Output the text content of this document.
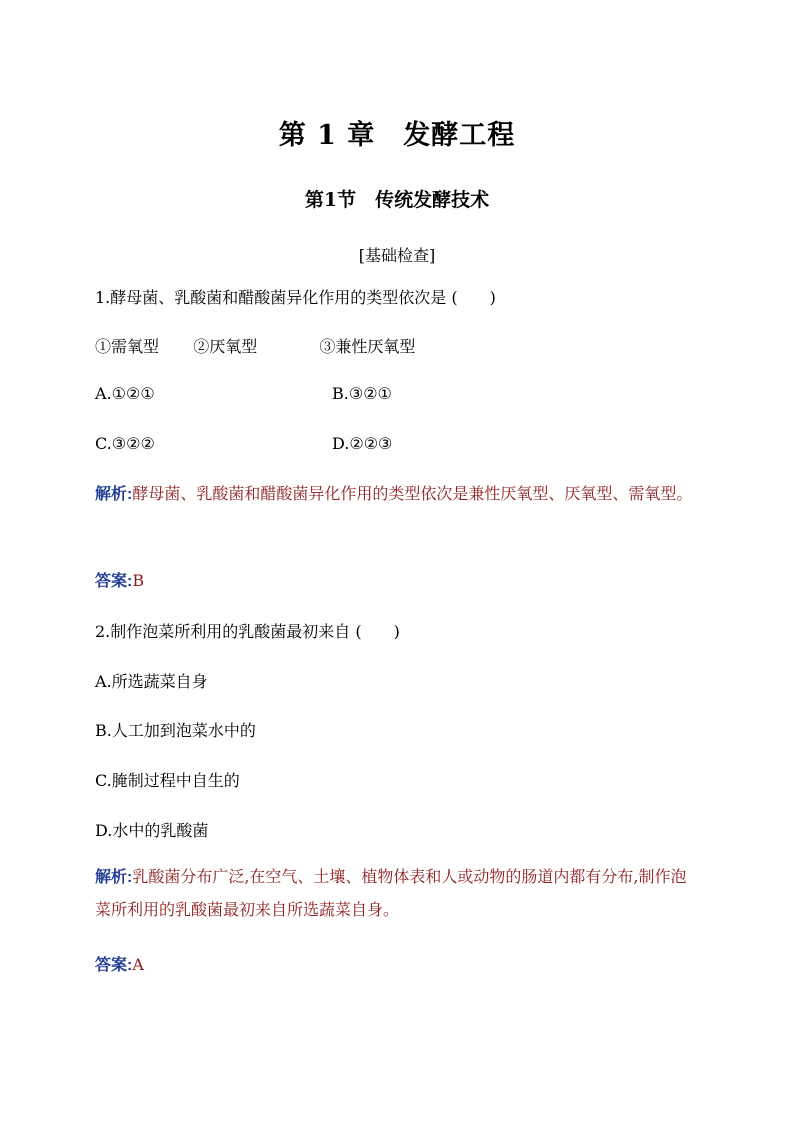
第 1 章　发酵工程
第1节　传统发酵技术
[基础检查]
1.酵母菌、乳酸菌和醋酸菌异化作用的类型依次是 (　　)
①需氧型 ②厌氧型	③兼性厌氧型
A.①②①	B.③②①
C.③②②	D.②②③
解析:酵母菌、乳酸菌和醋酸菌异化作用的类型依次是兼性厌氧型、厌氧型、需氧型。
答案:B
2.制作泡菜所利用的乳酸菌最初来自 (　　)
A.所选蔬菜自身
B.人工加到泡菜水中的
C.腌制过程中自生的
D.水中的乳酸菌
解析:乳酸菌分布广泛,在空气、土壤、植物体表和人或动物的肠道内都有分布,制作泡菜所利用的乳酸菌最初来自所选蔬菜自身。
答案:A
